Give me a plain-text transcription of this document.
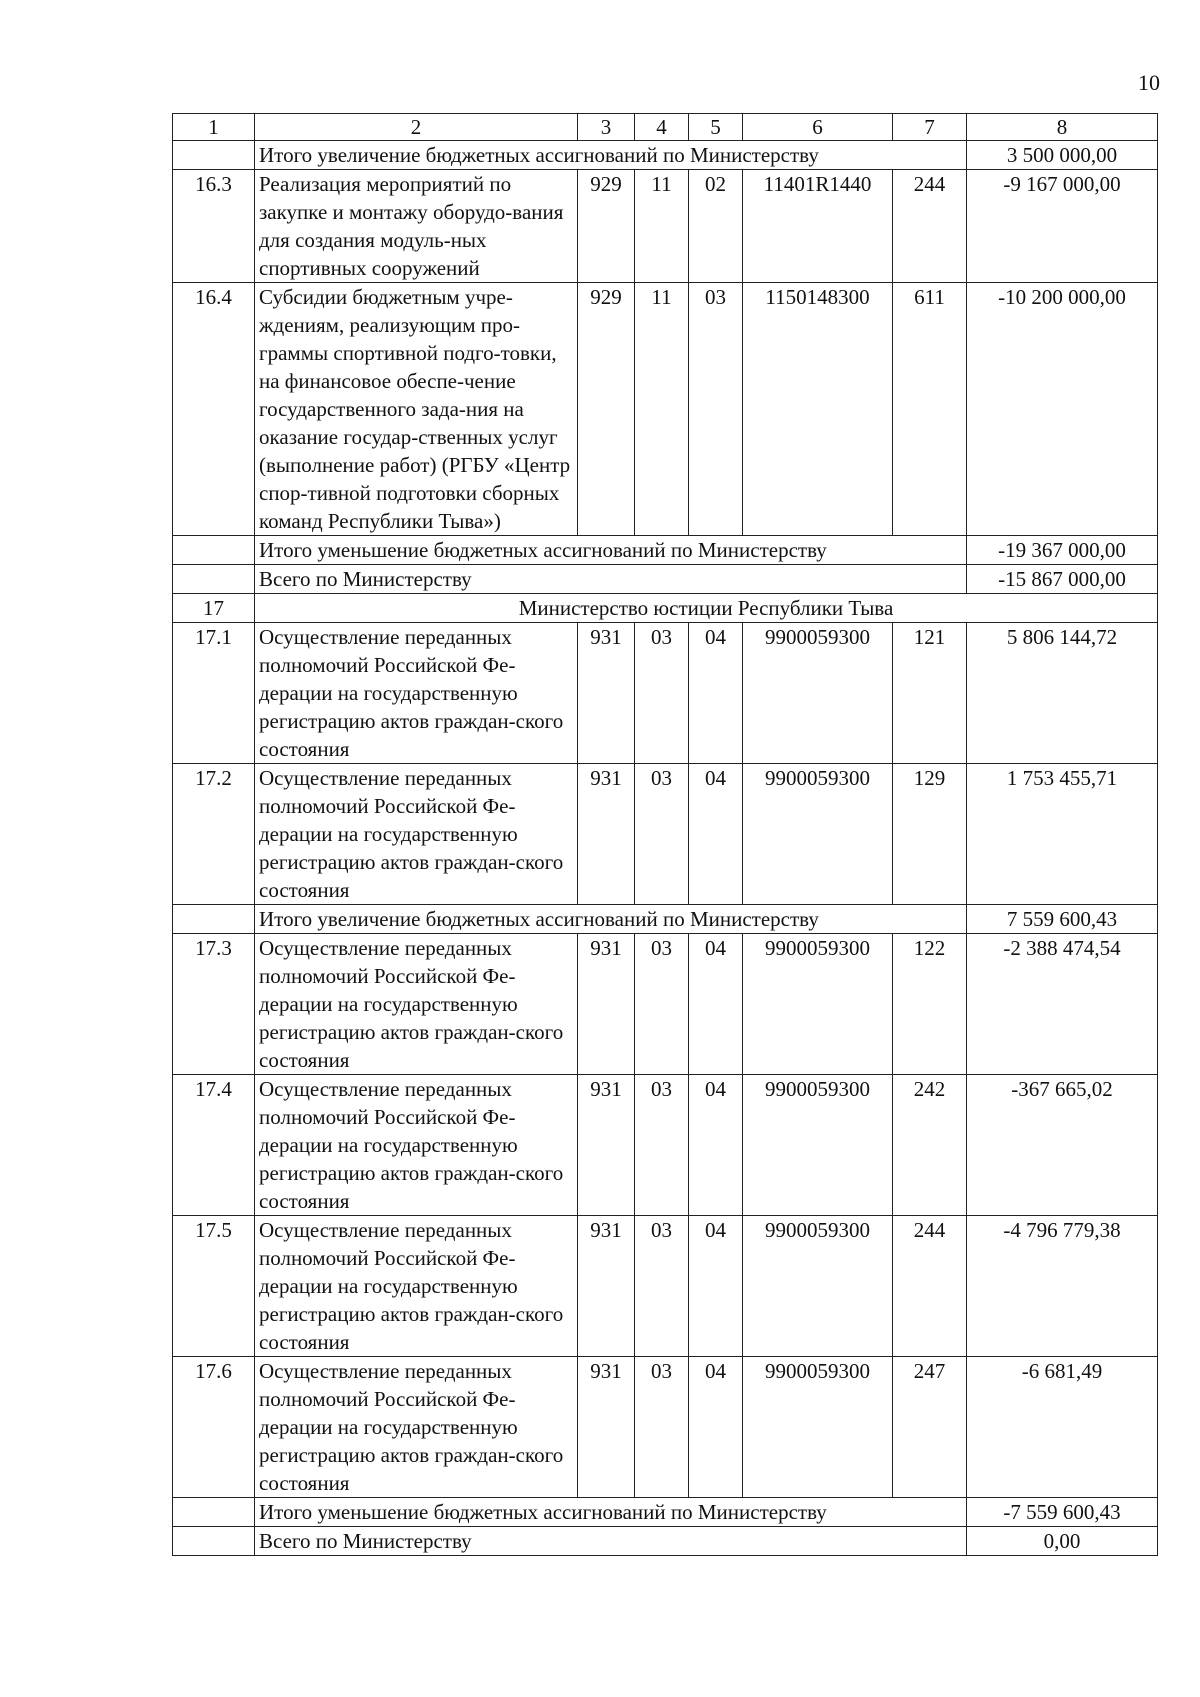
10
1	2	3	4	5	6	7	8
	Итого увеличение бюджетных ассигнований по Министерству						3 500 000,00
16.3	Реализация мероприятий по закупке и монтажу оборудо-вания для создания модуль-ных спортивных сооружений	929	11	02	11401R1440	244	-9 167 000,00
16.4	Субсидии бюджетным учре-ждениям, реализующим про-граммы спортивной подго-товки, на финансовое обеспе-чение государственного зада-ния на оказание государ-ственных услуг (выполнение работ) (РГБУ «Центр спор-тивной подготовки сборных команд Республики Тыва»)	929	11	03	1150148300	611	-10 200 000,00
	Итого уменьшение бюджетных ассигнований по Министерству						-19 367 000,00
	Всего по Министерству						-15 867 000,00
17	Министерство юстиции Республики Тыва						
17.1	Осуществление переданных полномочий Российской Фе-дерации на государственную регистрацию актов граждан-ского состояния	931	03	04	9900059300	121	5 806 144,72
17.2	Осуществление переданных полномочий Российской Фе-дерации на государственную регистрацию актов граждан-ского состояния	931	03	04	9900059300	129	1 753 455,71
	Итого увеличение бюджетных ассигнований по Министерству						7 559 600,43
17.3	Осуществление переданных полномочий Российской Фе-дерации на государственную регистрацию актов граждан-ского состояния	931	03	04	9900059300	122	-2 388 474,54
17.4	Осуществление переданных полномочий Российской Фе-дерации на государственную регистрацию актов граждан-ского состояния	931	03	04	9900059300	242	-367 665,02
17.5	Осуществление переданных полномочий Российской Фе-дерации на государственную регистрацию актов граждан-ского состояния	931	03	04	9900059300	244	-4 796 779,38
17.6	Осуществление переданных полномочий Российской Фе-дерации на государственную регистрацию актов граждан-ского состояния	931	03	04	9900059300	247	-6 681,49
	Итого уменьшение бюджетных ассигнований по Министерству						-7 559 600,43
	Всего по Министерству						0,00
